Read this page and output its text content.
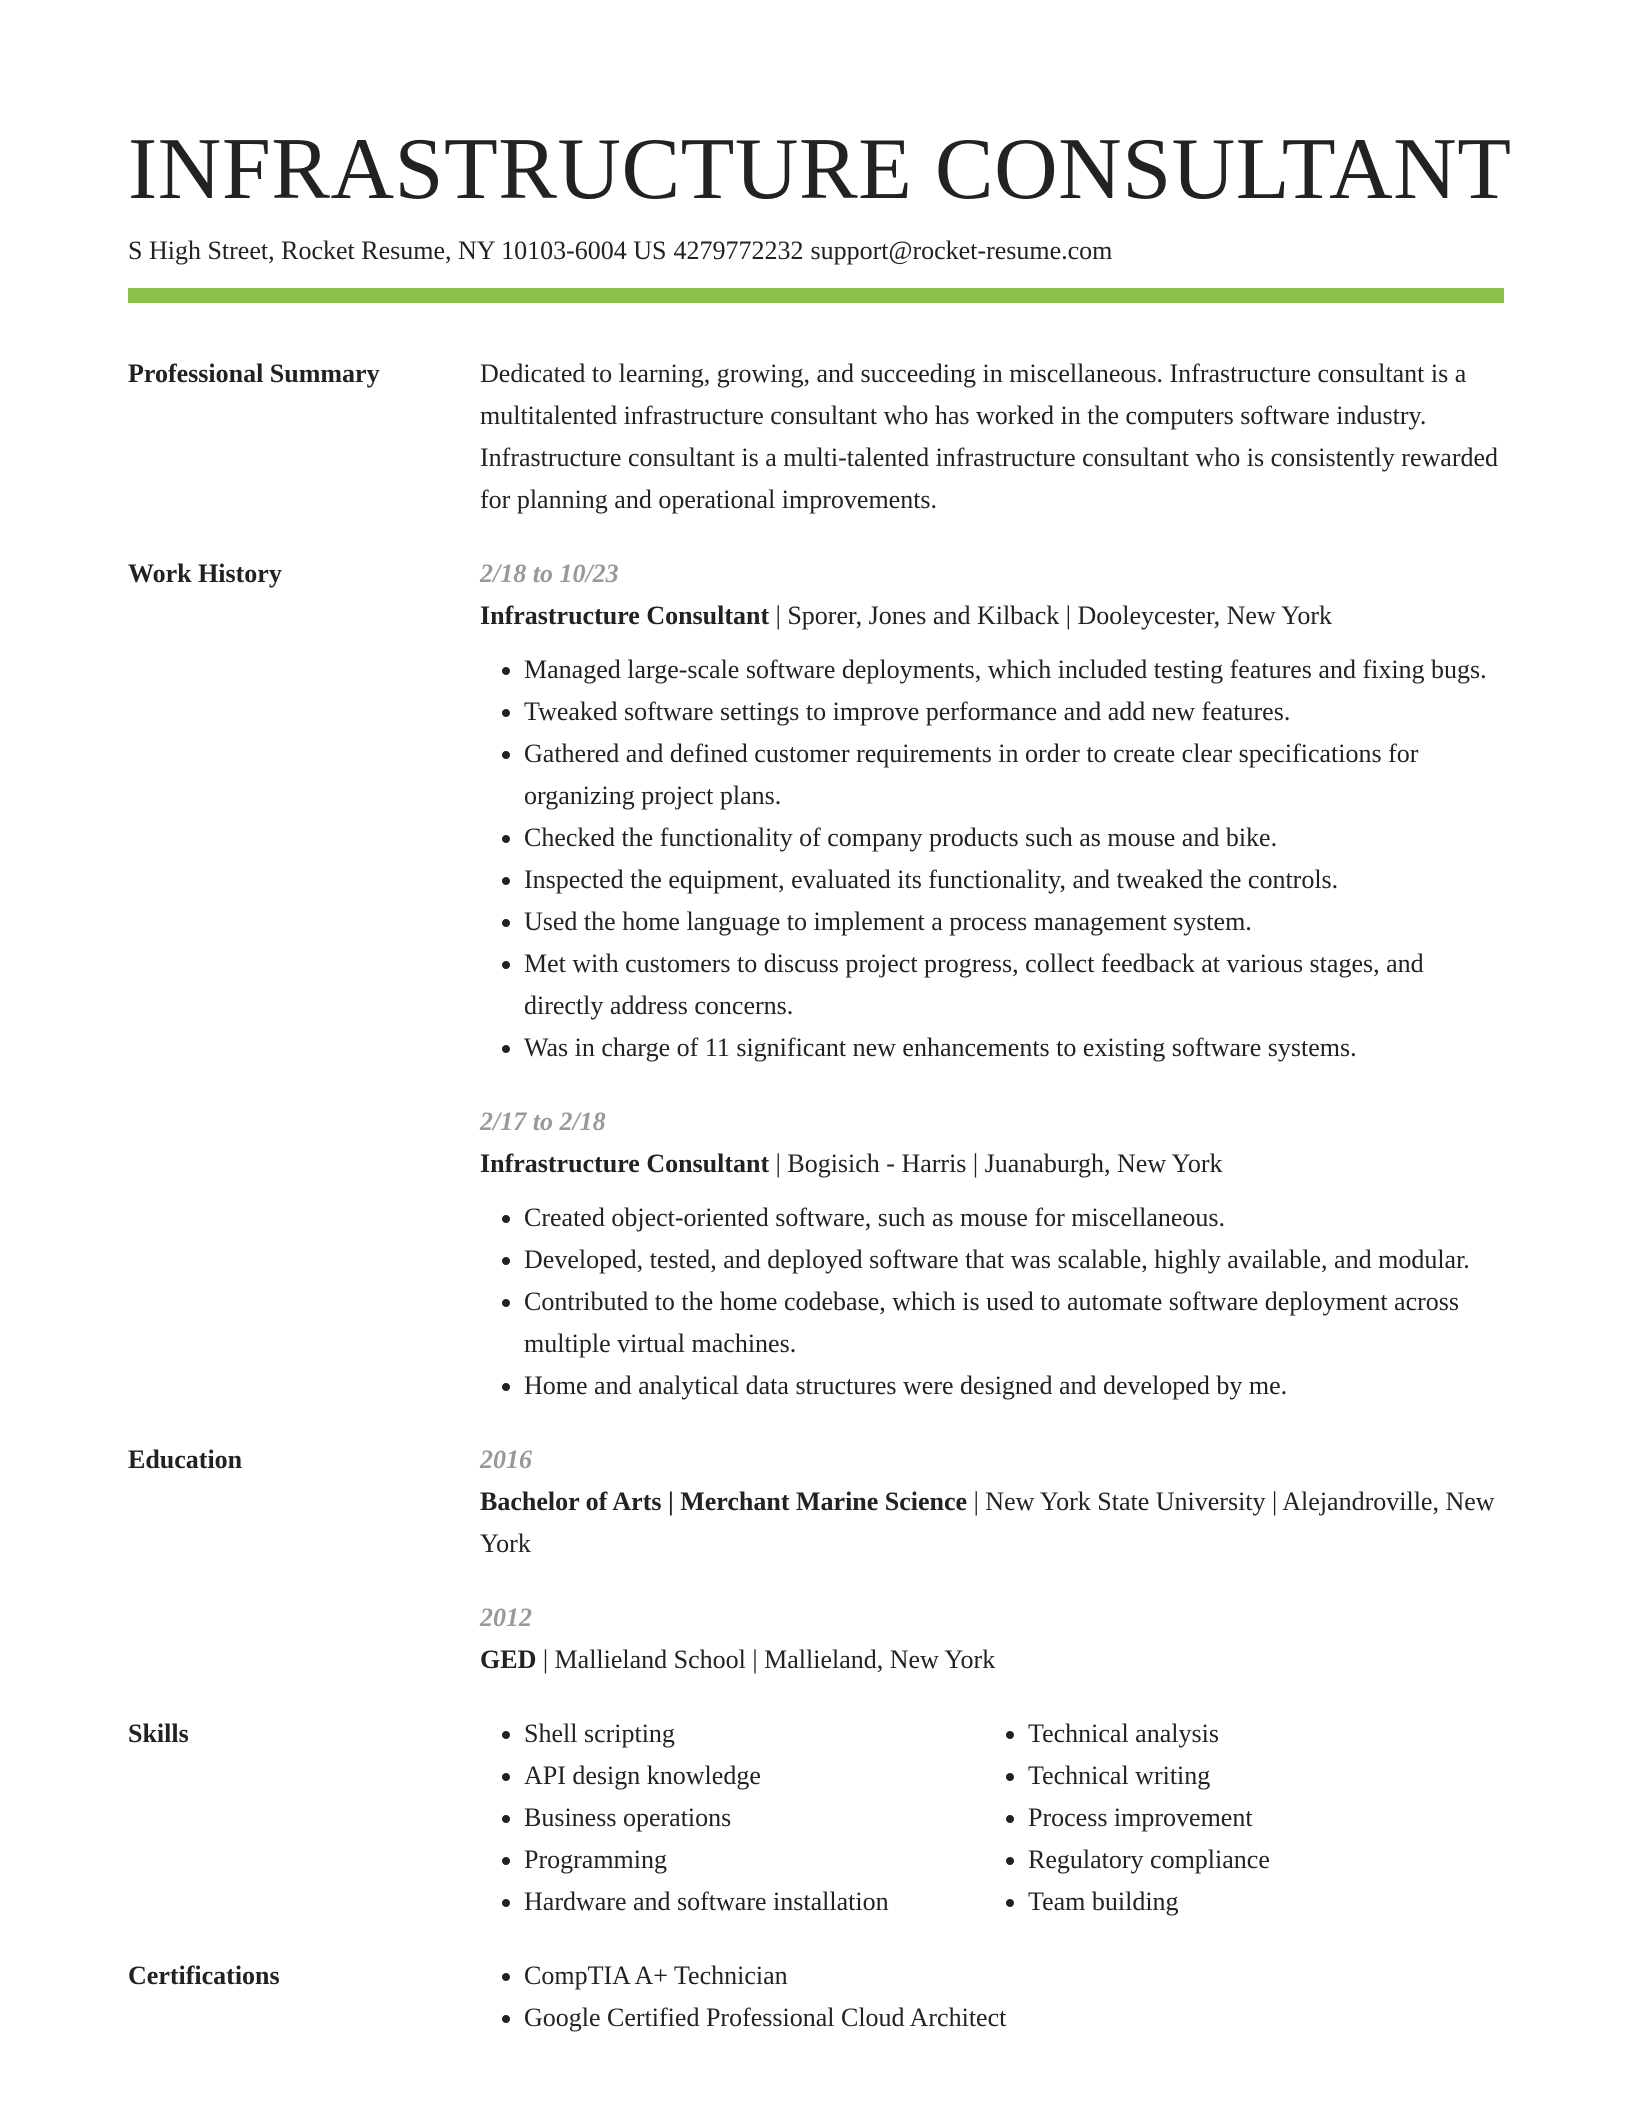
INFRASTRUCTURE CONSULTANT
S High Street, Rocket Resume, NY 10103-6004 US 4279772232 support@rocket-resume.com
Professional Summary	Dedicated to learning, growing, and succeeding in miscellaneous. Infrastructure consultant is a multitalented infrastructure consultant who has worked in the computers software industry. Infrastructure consultant is a multi-talented infrastructure consultant who is consistently rewarded for planning and operational improvements.
Work History	2/18 to 10/23
Infrastructure Consultant | Sporer, Jones and Kilback | Dooleycester, New York
• Managed large-scale software deployments, which included testing features and fixing bugs.
• Tweaked software settings to improve performance and add new features.
• Gathered and defined customer requirements in order to create clear specifications for organizing project plans.
• Checked the functionality of company products such as mouse and bike.
• Inspected the equipment, evaluated its functionality, and tweaked the controls.
• Used the home language to implement a process management system.
• Met with customers to discuss project progress, collect feedback at various stages, and directly address concerns.
• Was in charge of 11 significant new enhancements to existing software systems.
2/17 to 2/18
Infrastructure Consultant | Bogisich - Harris | Juanaburgh, New York
• Created object-oriented software, such as mouse for miscellaneous.
• Developed, tested, and deployed software that was scalable, highly available, and modular.
• Contributed to the home codebase, which is used to automate software deployment across multiple virtual machines.
• Home and analytical data structures were designed and developed by me.
Education	2016
Bachelor of Arts | Merchant Marine Science | New York State University | Alejandroville, New York
2012
GED | Mallieland School | Mallieland, New York
Skills	• Shell scripting
• API design knowledge
• Business operations
• Programming
• Hardware and software installation
• Technical analysis
• Technical writing
• Process improvement
• Regulatory compliance
• Team building
Certifications	• CompTIA A+ Technician
• Google Certified Professional Cloud Architect
